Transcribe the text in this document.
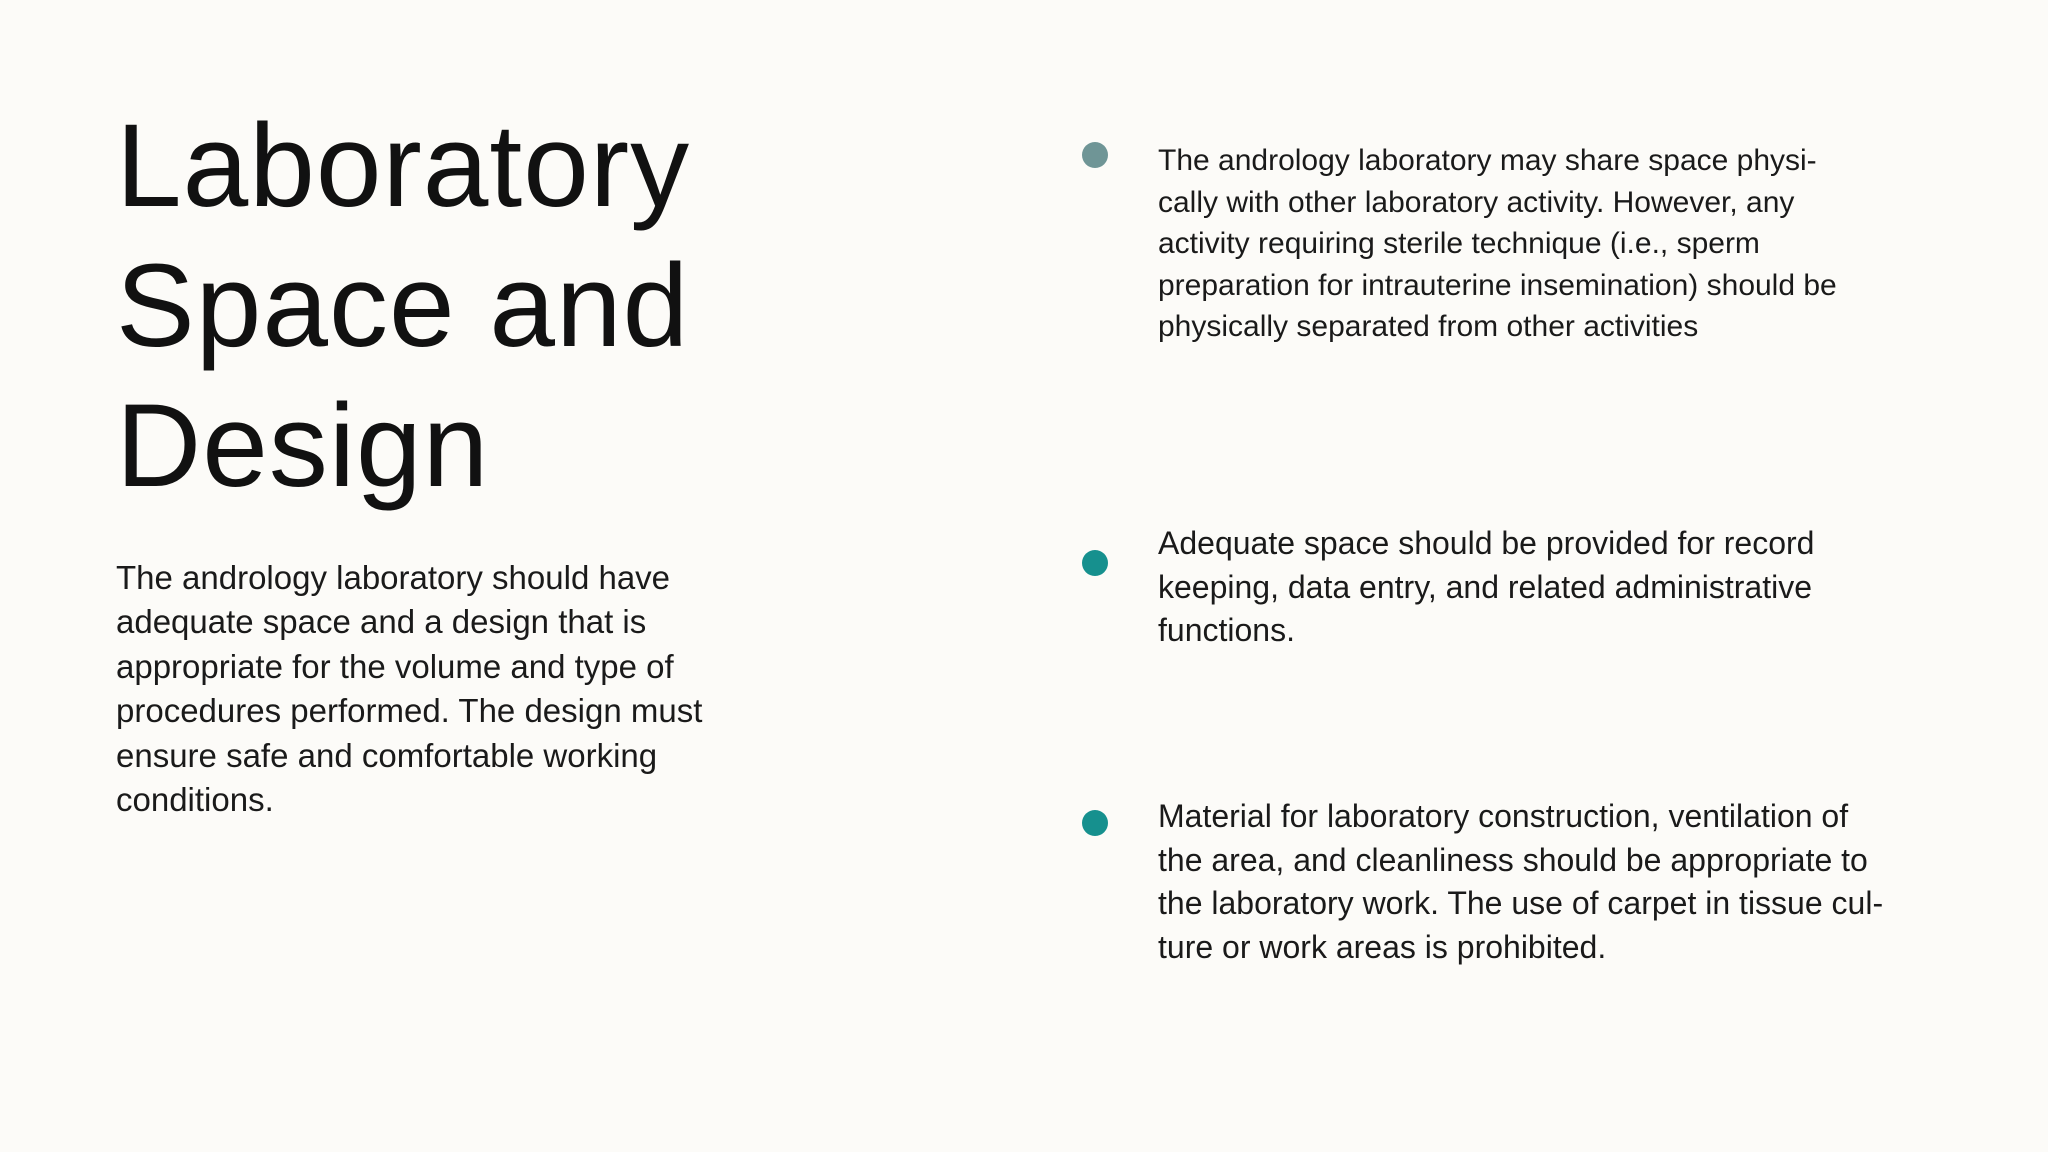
Laboratory
Space and
Design

The andrology laboratory should have
adequate space and a design that is
appropriate for the volume and type of
procedures performed. The design must
ensure safe and comfortable working
conditions.

The andrology laboratory may share space physi-
cally with other laboratory activity. However, any
activity requiring sterile technique (i.e., sperm
preparation for intrauterine insemination) should be
physically separated from other activities

Adequate space should be provided for record
keeping, data entry, and related administrative
functions.

Material for laboratory construction, ventilation of
the area, and cleanliness should be appropriate to
the laboratory work. The use of carpet in tissue cul-
ture or work areas is prohibited.
